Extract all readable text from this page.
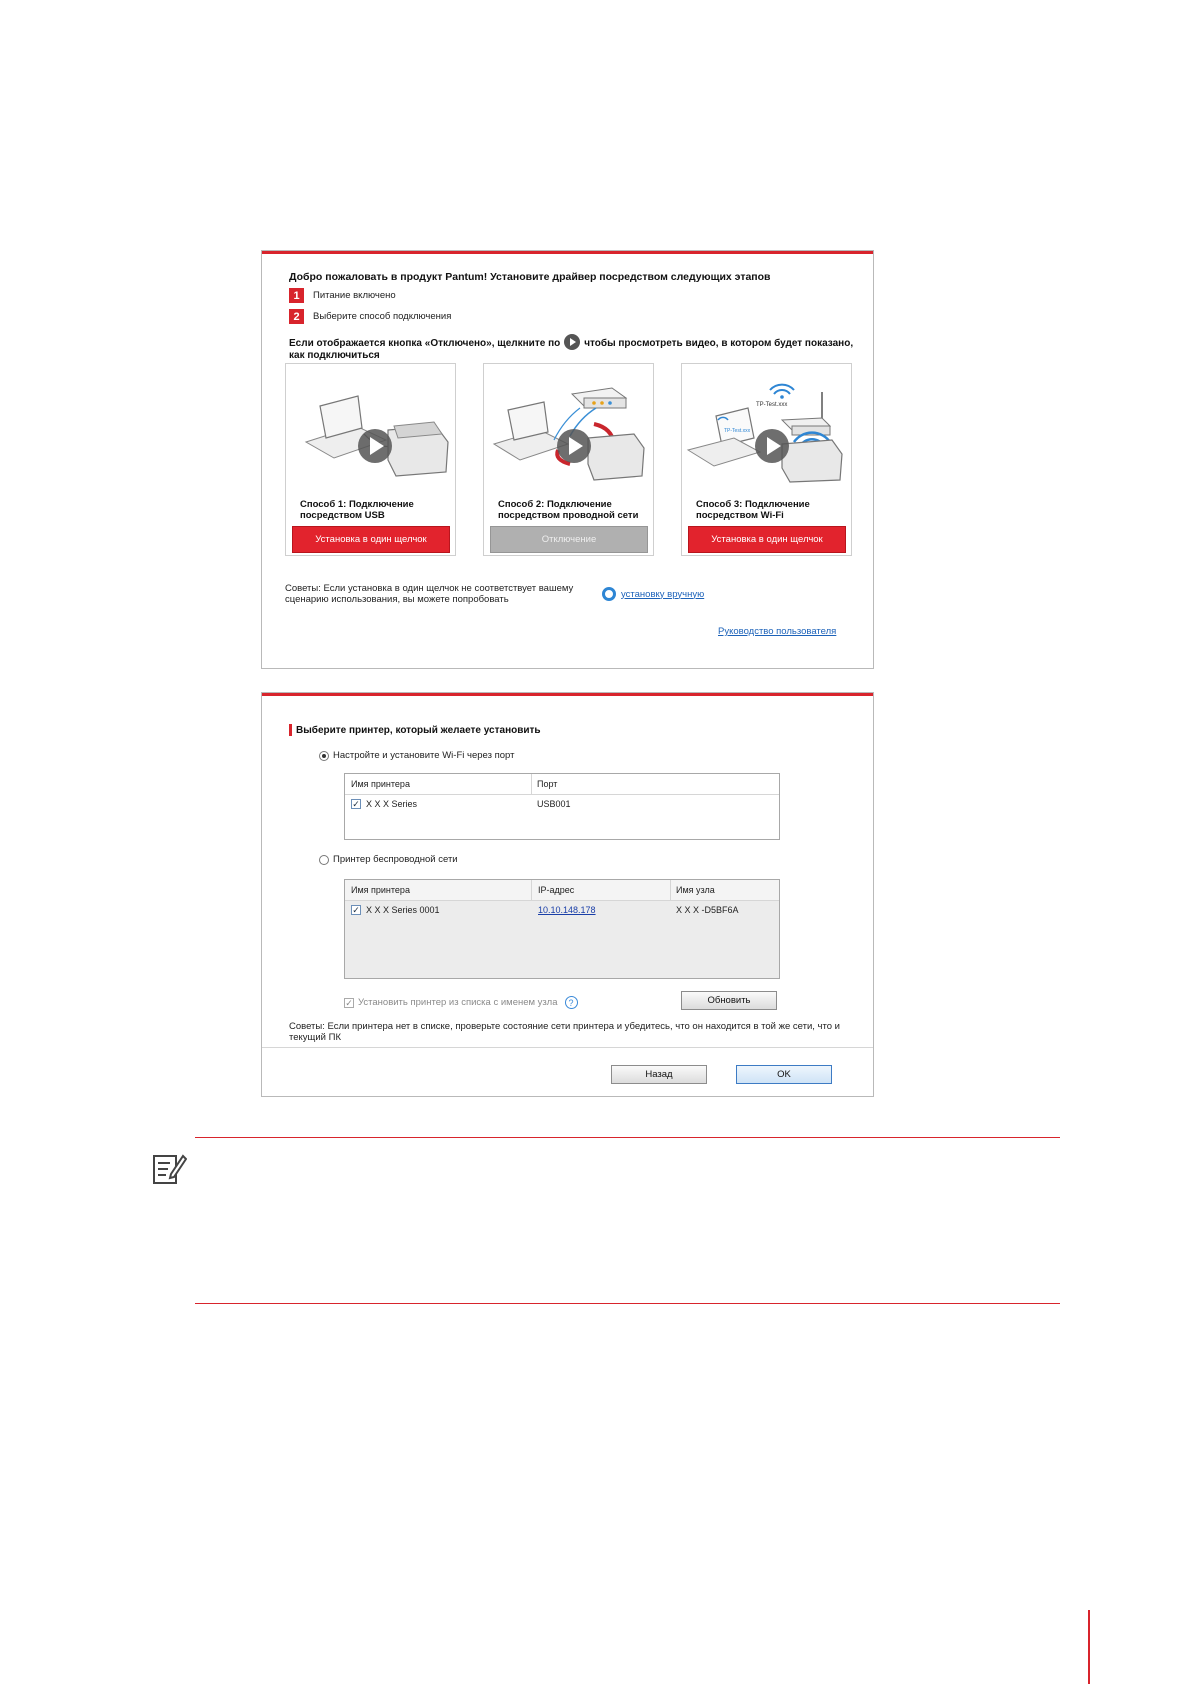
Добро пожаловать в продукт Pantum! Установите драйвер посредством следующих этапов
1	Питание включено
2	Выберите способ подключения
Если отображается кнопка «Отключено», щелкните по чтобы просмотреть видео, в котором будет показано, как подключиться
Способ 1: Подключение посредством USB
Установка в один щелчок
Способ 2: Подключение посредством проводной сети
Отключение
TP-Test.xxx
TP-Test.xxx
Способ 3: Подключение посредством Wi-Fi
Установка в один щелчок
Советы: Если установка в один щелчок не соответствует вашему сценарию использования, вы можете попробовать	установку вручную
Руководство пользователя
Выберите принтер, который желаете установить
Настройте и установите Wi-Fi через порт
Имя принтера	Порт
✓ X X X Series	USB001
Принтер беспроводной сети
Имя принтера	IP-адрес	Имя узла
✓ X X X Series 0001	10.10.148.178	X X X -D5BF6A
✓ Установить принтер из списка с именем узла	?	Обновить
Советы: Если принтера нет в списке, проверьте состояние сети принтера и убедитесь, что он находится в той же сети, что и текущий ПК
Назад	OK
